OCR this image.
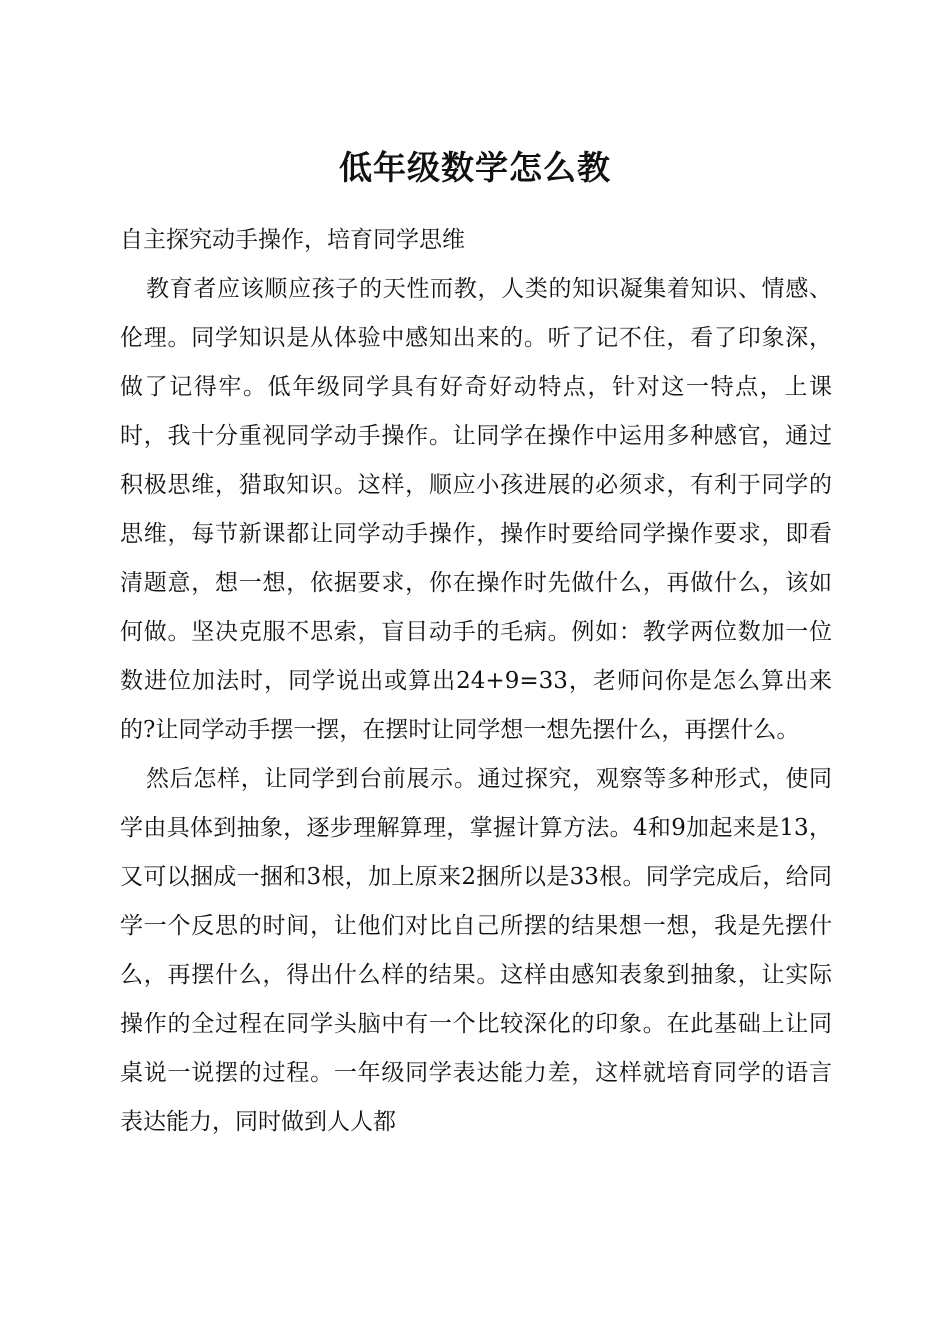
低年级数学怎么教

自主探究动手操作，培育同学思维

教育者应该顺应孩子的天性而教，人类的知识凝集着知识、情感、伦理。同学知识是从体验中感知出来的。听了记不住，看了印象深，做了记得牢。低年级同学具有好奇好动特点，针对这一特点，上课时，我十分重视同学动手操作。让同学在操作中运用多种感官，通过积极思维，猎取知识。这样，顺应小孩进展的必须求，有利于同学的思维，每节新课都让同学动手操作，操作时要给同学操作要求，即看清题意，想一想，依据要求，你在操作时先做什么，再做什么，该如何做。坚决克服不思索，盲目动手的毛病。例如：教学两位数加一位数进位加法时，同学说出或算出24+9=33，老师问你是怎么算出来的?让同学动手摆一摆，在摆时让同学想一想先摆什么，再摆什么。

然后怎样，让同学到台前展示。通过探究，观察等多种形式，使同学由具体到抽象，逐步理解算理，掌握计算方法。4和9加起来是13，又可以捆成一捆和3根，加上原来2捆所以是33根。同学完成后，给同学一个反思的时间，让他们对比自己所摆的结果想一想，我是先摆什么，再摆什么，得出什么样的结果。这样由感知表象到抽象，让实际操作的全过程在同学头脑中有一个比较深化的印象。在此基础上让同桌说一说摆的过程。一年级同学表达能力差，这样就培育同学的语言表达能力，同时做到人人都
